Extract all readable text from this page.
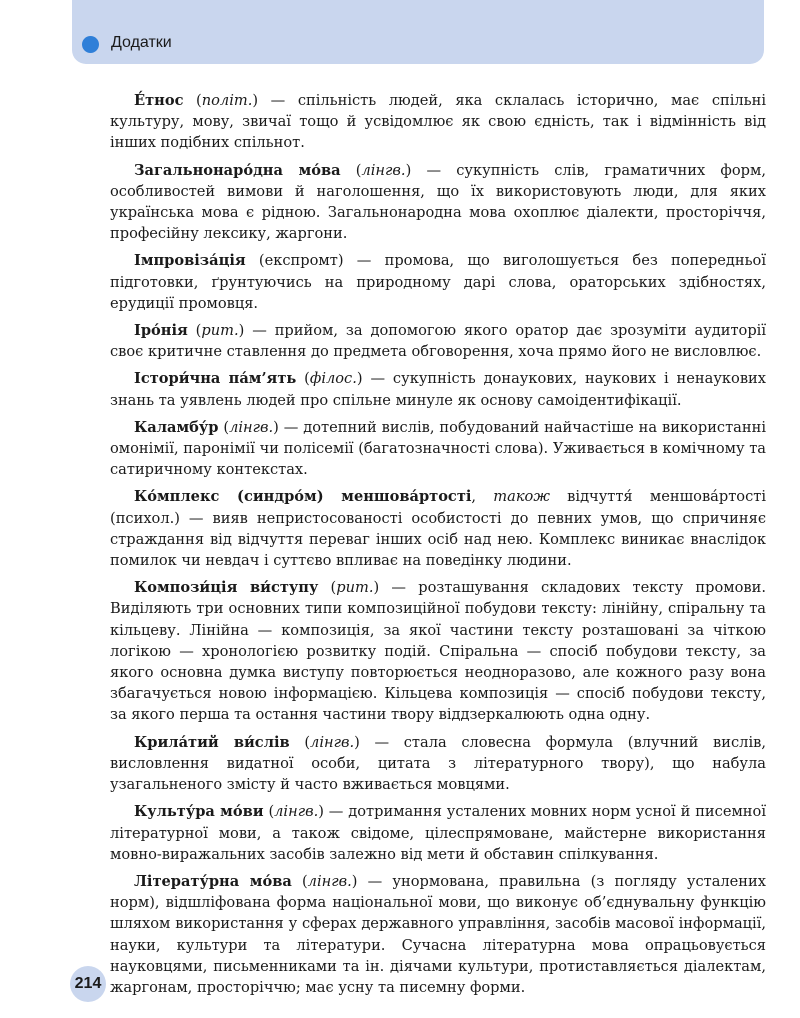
Додатки

Е́тнос (політ.) — спільність людей, яка склалась історично, має спільні культуру, мову, звичаї тощо й усвідомлює як свою єдність, так і відмінність від інших подібних спільнот.

Загальнонаро́дна мо́ва (лінгв.) — сукупність слів, граматичних форм, особливостей вимови й наголошення, що їх використовують люди, для яких українська мова є рідною. Загальнонародна мова охоплює діалекти, просторіччя, професійну лексику, жаргони.

Імпровіза́ція (експромт) — промова, що виголошується без попередньої підготовки, ґрунтуючись на природному дарі слова, ораторських здібностях, ерудиції промовця.

Іро́нія (рит.) — прийом, за допомогою якого оратор дає зрозуміти аудиторії своє критичне ставлення до предмета обговорення, хоча прямо його не висловлює.

Істори́чна па́м’ять (філос.) — сукупність донаукових, наукових і ненаукових знань та уявлень людей про спільне минуле як основу самоідентифікації.

Каламбу́р (лінгв.) — дотепний вислів, побудований найчастіше на використанні омонімії, паронімії чи полісемії (багатозначності слова). Уживається в комічному та сатиричному контекстах.

Ко́мплекс (синдро́м) меншова́ртості, також відчуття́ меншова́ртості (психол.) — вияв непристосованості особистості до певних умов, що спричиняє страждання від відчуття переваг інших осіб над нею. Комплекс виникає внаслідок помилок чи невдач і суттєво впливає на поведінку людини.

Компози́ція ви́ступу (рит.) — розташування складових тексту промови. Виділяють три основних типи композиційної побудови тексту: лінійну, спіральну та кільцеву. Лінійна — композиція, за якої частини тексту розташовані за чіткою логікою — хронологією розвитку подій. Спіральна — спосіб побудови тексту, за якого основна думка виступу повторюється неодноразово, але кожного разу вона збагачується новою інформацією. Кільцева композиція — спосіб побудови тексту, за якого перша та остання частини твору віддзеркалюють одна одну.

Крила́тий ви́слів (лінгв.) — стала словесна формула (влучний вислів, висловлення видатної особи, цитата з літературного твору), що набула узагальненого змісту й часто вживається мовцями.

Культу́ра мо́ви (лінгв.) — дотримання усталених мовних норм усної й писемної літературної мови, а також свідоме, цілеспрямоване, майстерне використання мовно-виражальних засобів залежно від мети й обставин спілкування.

Літерату́рна мо́ва (лінгв.) — унормована, правильна (з погляду усталених норм), відшліфована форма національної мови, що виконує об’єднувальну функцію шляхом використання у сферах державного управління, засобів масової інформації, науки, культури та літератури. Сучасна літературна мова опрацьовується науковцями, письменниками та ін. діячами культури, протиставляється діалектам, жаргонам, просторіччю; має усну та писемну форми.

214
